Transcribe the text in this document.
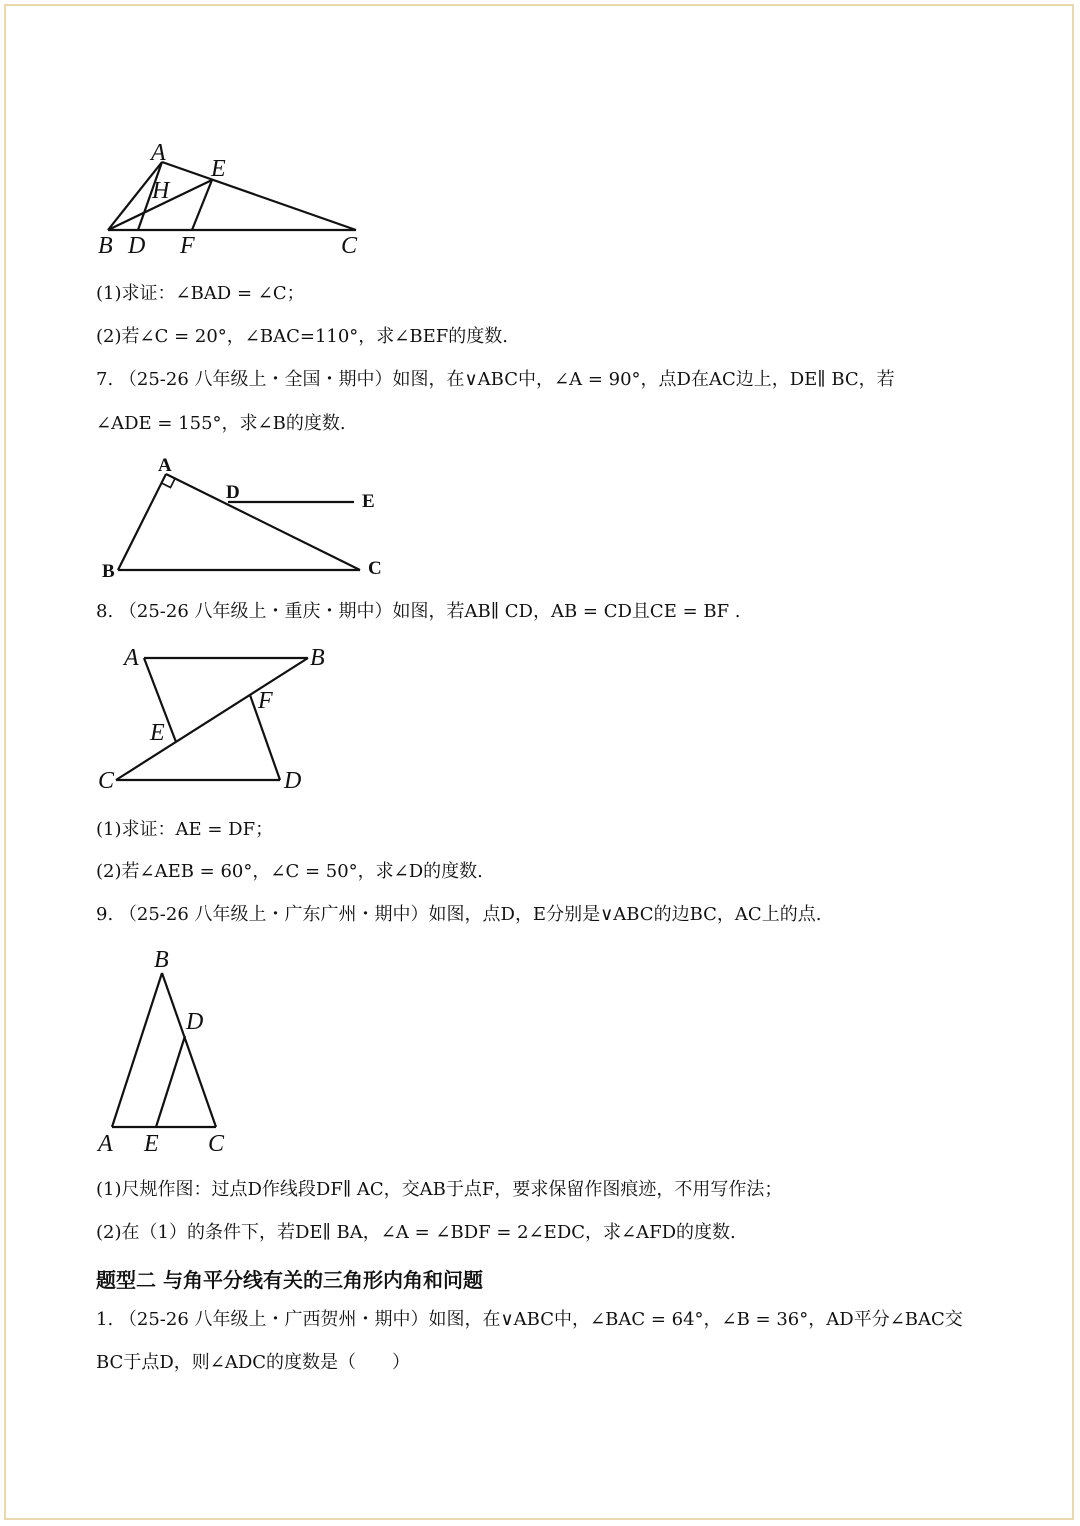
A
E
H
B D F	C
(1)求证：∠BAD = ∠C；
(2)若∠C = 20°，∠BAC=110°，求∠BEF的度数.
7. （25-26 八年级上・全国・期中）如图，在∨ABC中，∠A = 90°，点D在AC边上，DE∥ BC，若
∠ADE = 155°，求∠B的度数.
A
D	E
B	C
8. （25-26 八年级上・重庆・期中）如图，若AB∥ CD，AB = CD且CE = BF .
A	B
F
E
C	D
(1)求证：AE = DF；
(2)若∠AEB = 60°，∠C = 50°，求∠D的度数.
9. （25-26 八年级上・广东广州・期中）如图，点D，E分别是∨ABC的边BC，AC上的点.
B
D
A E C
(1)尺规作图：过点D作线段DF∥ AC，交AB于点F，要求保留作图痕迹，不用写作法；
(2)在（1）的条件下，若DE∥ BA，∠A = ∠BDF = 2∠EDC，求∠AFD的度数.
题型二 与角平分线有关的三角形内角和问题
1. （25-26 八年级上・广西贺州・期中）如图，在∨ABC中，∠BAC = 64°，∠B = 36°，AD平分∠BAC交
BC于点D，则∠ADC的度数是（　　）
